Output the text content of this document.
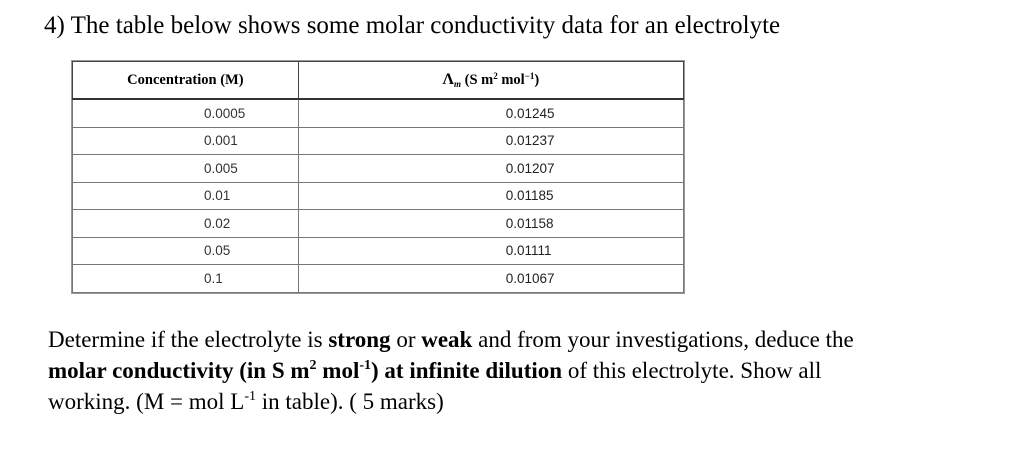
4) The table below shows some molar conductivity data for an electrolyte
Concentration (M)	$\Lambda_m$ (S $m^2$ mol$^{-1}$)
0.0005	0.01245
0.001	0.01237
0.005	0.01207
0.01	0.01185
0.02	0.01158
0.05	0.01111
0.1	0.01067
Determine if the electrolyte is strong or weak and from your investigations, deduce the
molar conductivity (in S $m^2$ mol$^{-1}$) at infinite dilution of this electrolyte. Show all
working. (M = mol $L^{-1}$ in table). ( 5 marks)
